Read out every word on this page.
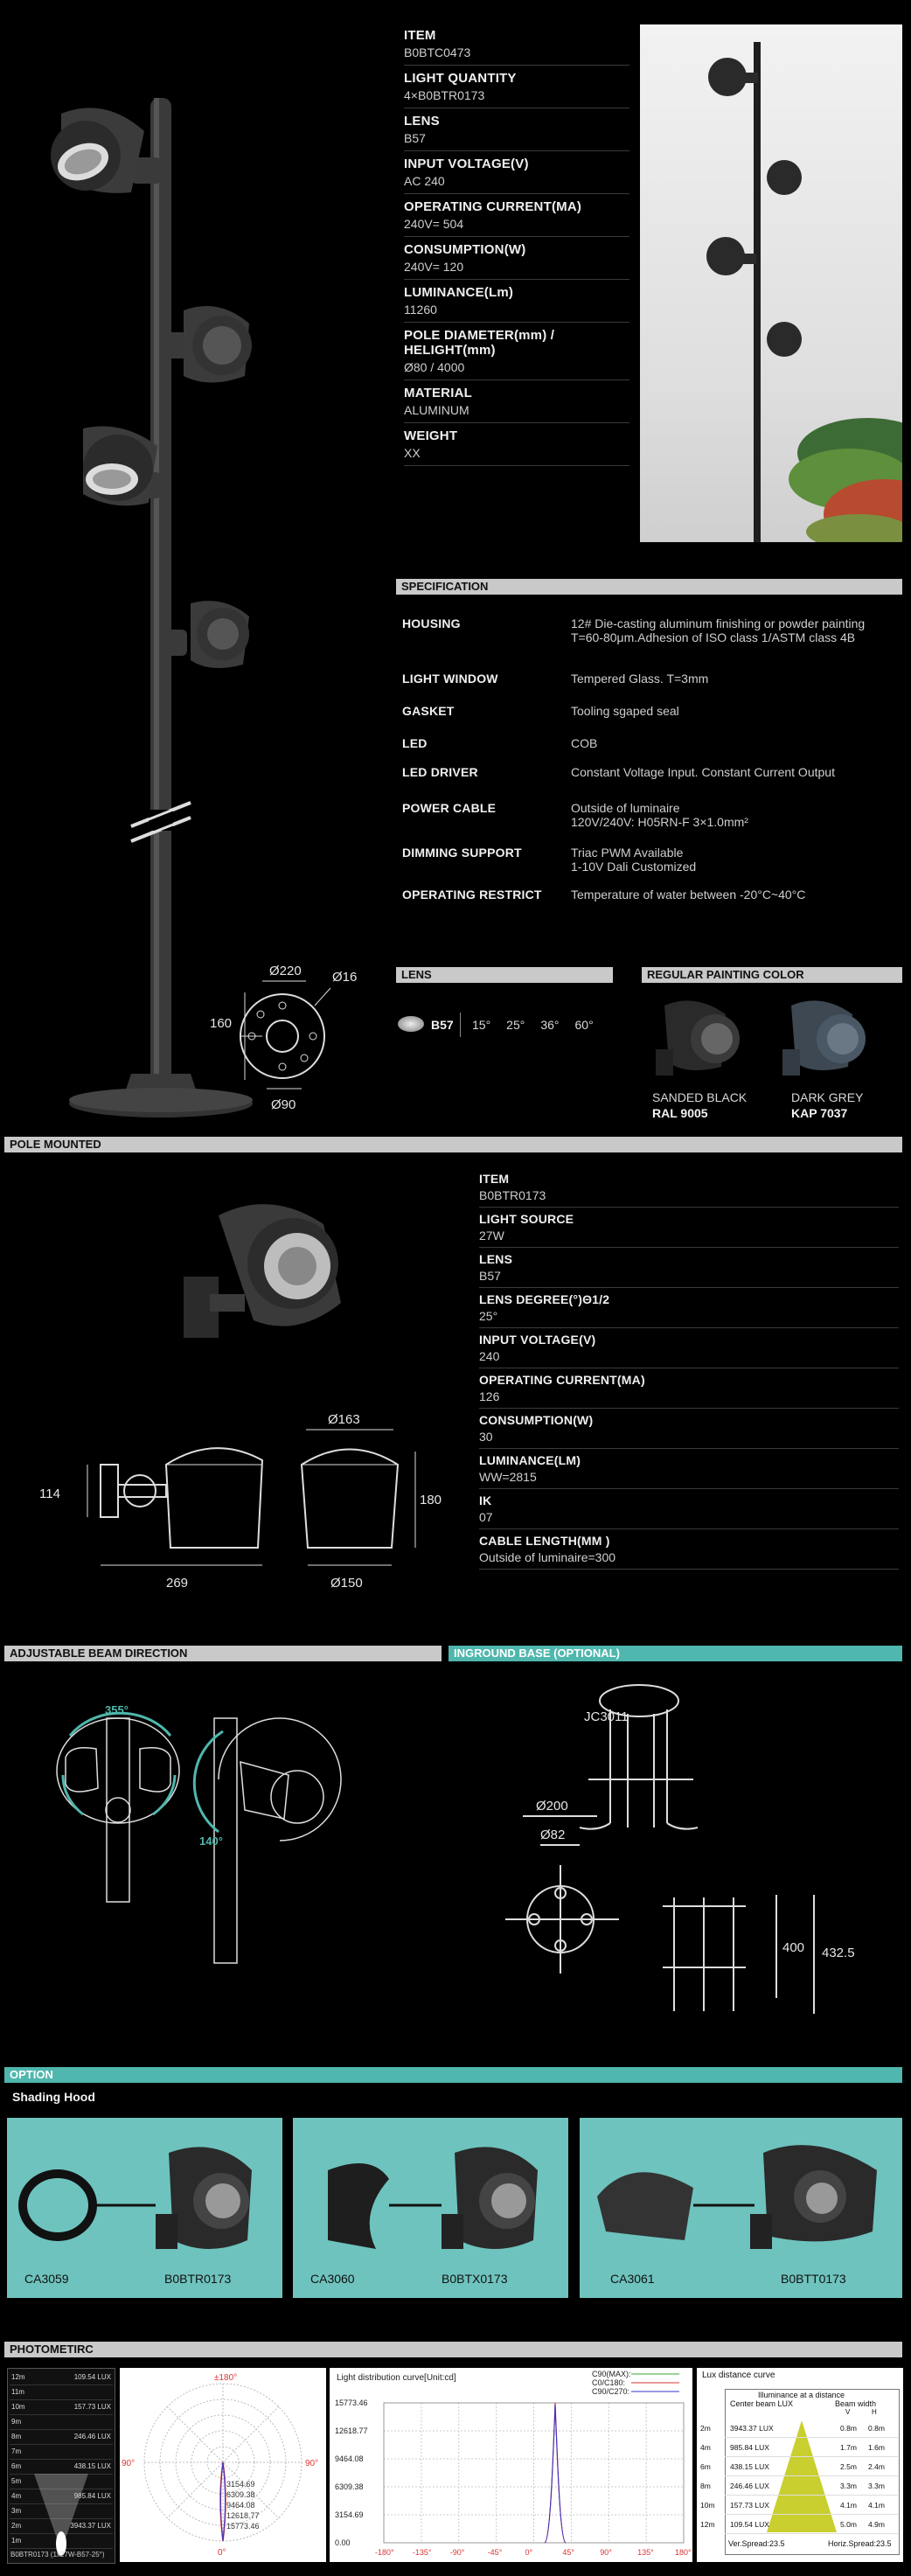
Ø220 Ø16
160
Ø90
ITEM
B0BTC0473
LIGHT QUANTITY
4×B0BTR0173
LENS
B57
INPUT VOLTAGE(V)
AC 240
OPERATING CURRENT(MA)
240V= 504
CONSUMPTION(W)
240V= 120
LUMINANCE(Lm)
11260
POLE DIAMETER(mm) / HELIGHT(mm)
Ø80 / 4000
MATERIAL
ALUMINUM
WEIGHT
XX
SPECIFICATION
HOUSING	12# Die-casting aluminum finishing or powder painting T=60-80μm.Adhesion of ISO class 1/ASTM class 4B
LIGHT WINDOW	Tempered Glass. T=3mm
GASKET	Tooling sgaped seal
LED	COB
LED DRIVER	Constant Voltage Input. Constant Current Output
POWER CABLE	Outside of luminaire
120V/240V: H05RN-F 3×1.0mm²
DIMMING SUPPORT	Triac PWM Available
1-10V Dali Customized
OPERATING RESTRICT	Temperature of water between -20°C~40°C
LENS
B57 15° 25° 36° 60°
REGULAR PAINTING COLOR
SANDED BLACK
RAL 9005
DARK GREY
KAP 7037
POLE MOUNTED
114
269
Ø163
180
Ø150
ITEM
B0BTR0173
LIGHT SOURCE
27W
LENS
B57
LENS DEGREE(°)Θ1/2
25°
INPUT VOLTAGE(V)
240
OPERATING CURRENT(MA)
126
CONSUMPTION(W)
30
LUMINANCE(LM)
WW=2815
IK
07
CABLE LENGTH(MM )
Outside of luminaire=300
ADJUSTABLE BEAM DIRECTION	INGROUND BASE (OPTIONAL)
355°
140°
JC3011
Ø200
Ø82
400 432.5
OPTION
Shading Hood
CA3059	B0BTR0173	CA3060	B0BTX0173	CA3061	B0BTT0173
PHOTOMETIRC
12m	109.54 LUX
11m
10m	157.73 LUX
9m
8m	246.46 LUX
7m
6m	438.15 LUX
5m
4m	985.84 LUX
3m
2m	3943.37 LUX
1m
B0BTR0173 (1x27W-B57-25°)
±180°
90°	90°
0°
3154.69
6309.38
9464.08
12618.77
15773.46
Light distribution curve[Unit:cd]	C90(MAX):
C0/C180:
C90/C270:
15773.46
12618.77
9464.08
6309.38
3154.69
0.00
-180° -135° -90°	-45°	0°	45°	90°	135°	180°
Lux distance curve
Illuminance at a distance
Center beam LUX	Beam width
V	H
2m	3943.37 LUX	0.8m 0.8m
4m	985.84 LUX	1.7m 1.6m
6m	438.15 LUX	2.5m 2.4m
8m	246.46 LUX	3.3m 3.3m
10m 157.73 LUX	4.1m 4.1m
12m 109.54 LUX	5.0m 4.9m
Ver.Spread:23.5	Horiz.Spread:23.5
